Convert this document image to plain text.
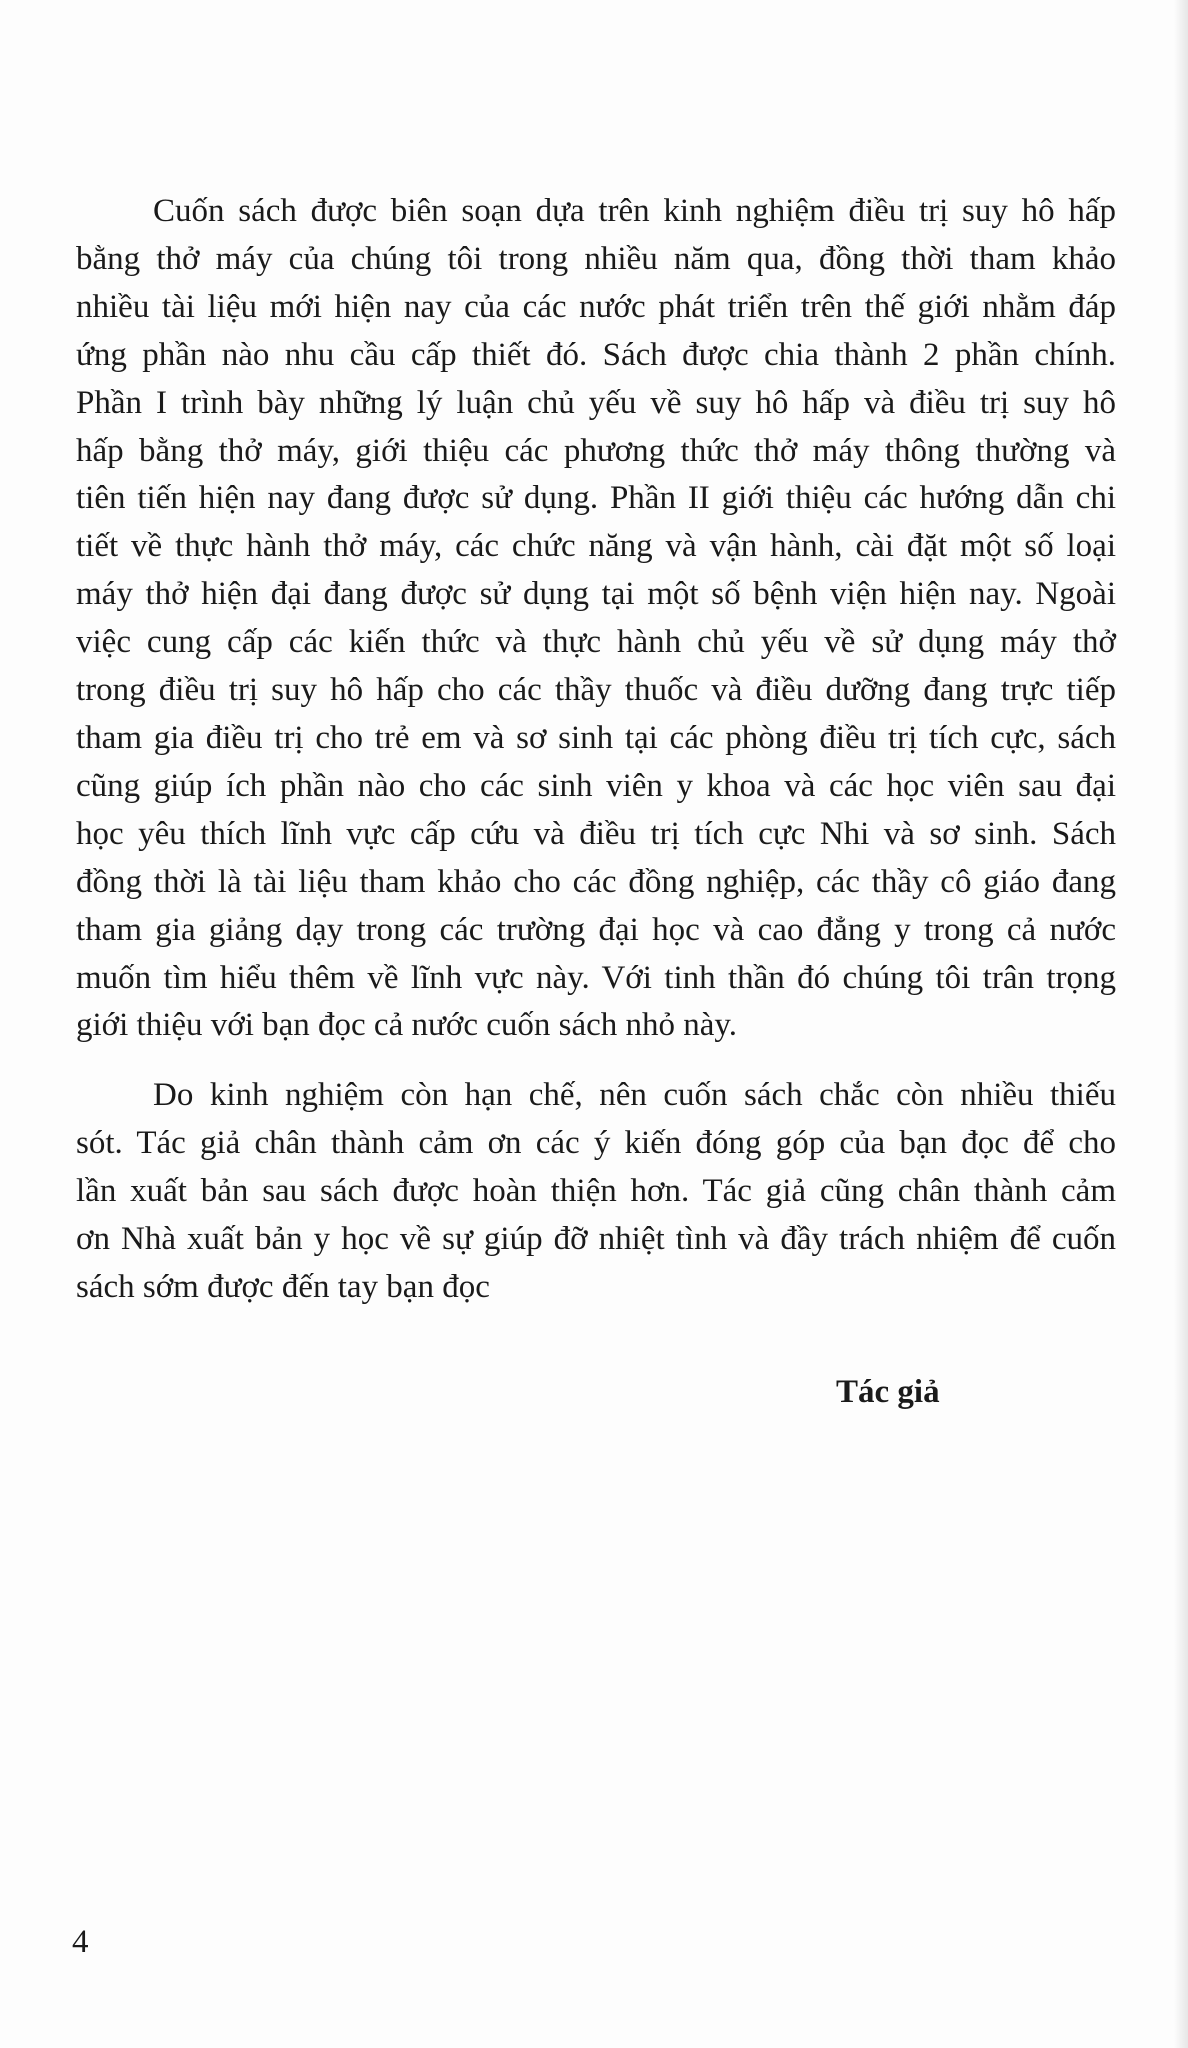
Cuốn sách được biên soạn dựa trên kinh nghiệm điều trị suy hô hấp
bằng thở máy của chúng tôi trong nhiều năm qua, đồng thời tham khảo
nhiều tài liệu mới hiện nay của các nước phát triển trên thế giới nhằm đáp
ứng phần nào nhu cầu cấp thiết đó. Sách được chia thành 2 phần chính.
Phần I trình bày những lý luận chủ yếu về suy hô hấp và điều trị suy hô
hấp bằng thở máy, giới thiệu các phương thức thở máy thông thường và
tiên tiến hiện nay đang được sử dụng. Phần II giới thiệu các hướng dẫn chi
tiết về thực hành thở máy, các chức năng và vận hành, cài đặt một số loại
máy thở hiện đại đang được sử dụng tại một số bệnh viện hiện nay. Ngoài
việc cung cấp các kiến thức và thực hành chủ yếu về sử dụng máy thở
trong điều trị suy hô hấp cho các thầy thuốc và điều dưỡng đang trực tiếp
tham gia điều trị cho trẻ em và sơ sinh tại các phòng điều trị tích cực, sách
cũng giúp ích phần nào cho các sinh viên y khoa và các học viên sau đại
học yêu thích lĩnh vực cấp cứu và điều trị tích cực Nhi và sơ sinh. Sách
đồng thời là tài liệu tham khảo cho các đồng nghiệp, các thầy cô giáo đang
tham gia giảng dạy trong các trường đại học và cao đẳng y trong cả nước
muốn tìm hiểu thêm về lĩnh vực này. Với tinh thần đó chúng tôi trân trọng
giới thiệu với bạn đọc cả nước cuốn sách nhỏ này.
Do kinh nghiệm còn hạn chế, nên cuốn sách chắc còn nhiều thiếu
sót. Tác giả chân thành cảm ơn các ý kiến đóng góp của bạn đọc để cho
lần xuất bản sau sách được hoàn thiện hơn. Tác giả cũng chân thành cảm
ơn Nhà xuất bản y học về sự giúp đỡ nhiệt tình và đầy trách nhiệm để cuốn
sách sớm được đến tay bạn đọc
Tác giả
4
